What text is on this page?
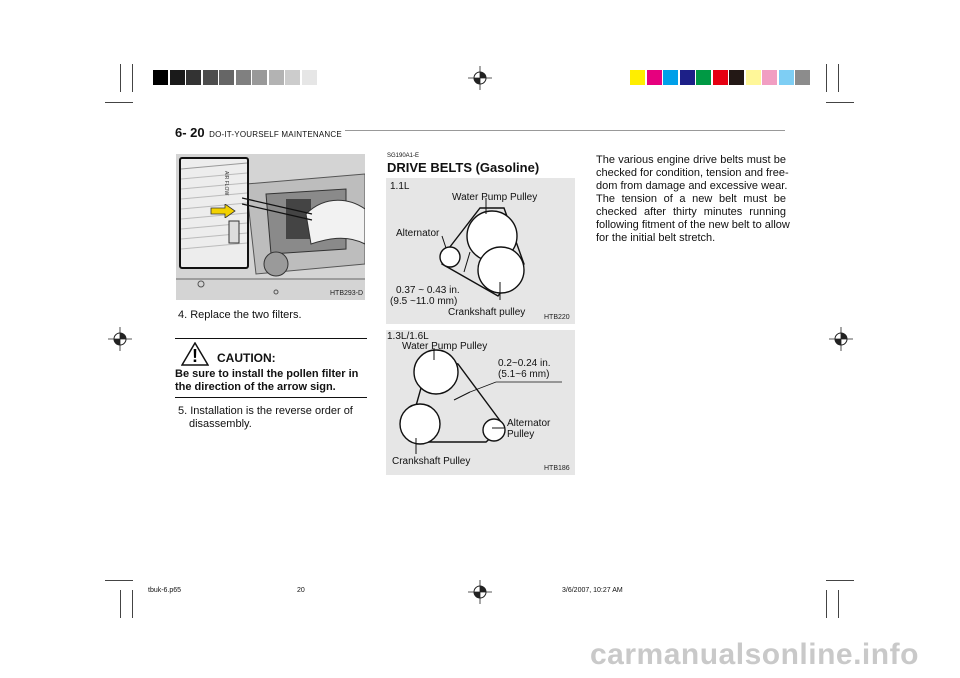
6- 20 DO-IT-YOURSELF MAINTENANCE
AIR FLOW
HTB293-D
4. Replace the two filters.
! CAUTION:
Be sure to install the pollen filter in
the direction of the arrow sign.
5. Installation is the reverse order of
disassembly.
SG190A1-E
DRIVE BELTS (Gasoline)
1.1L
Water Pump Pulley
Alternator
0.37 ~ 0.43 in.
(9.5 ~11.0 mm)
Crankshaft pulley	HTB220
1.3L/1.6L
Water Pump Pulley
0.2~0.24 in.
(5.1~6 mm)
Alternator
Pulley
Crankshaft Pulley
HTB186
The various engine drive belts must be
checked for condition, tension and free-
dom from damage and excessive wear.
The tension of a new belt must be
checked after thirty minutes running
following fitment of the new belt to allow
for the initial belt stretch.
tbuk-6.p65	20	3/6/2007, 10:27 AM
carmanualsonline.info
